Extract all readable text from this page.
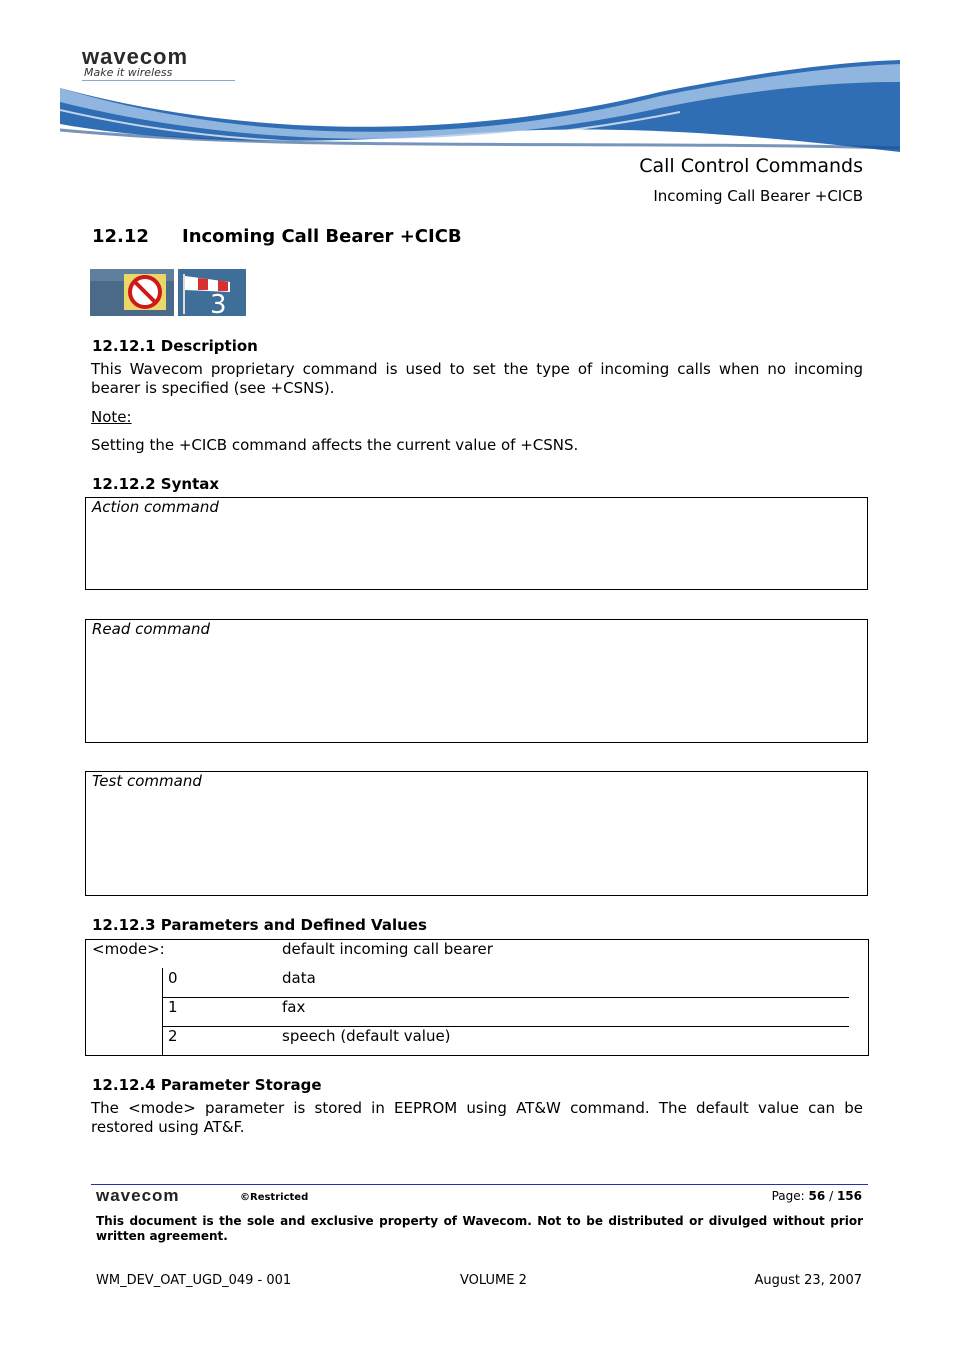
wavecom
Make it wireless
Call Control Commands
Incoming Call Bearer +CICB
12.12 Incoming Call Bearer +CICB
3
12.12.1 Description
This Wavecom proprietary command is used to set the type of incoming calls when no incoming bearer is specified (see +CSNS).
Note:
Setting the +CICB command affects the current value of +CSNS.
12.12.2 Syntax
Action command
Read command
Test command
12.12.3 Parameters and Defined Values
<mode>:	default incoming call bearer
0	data
1	fax
2	speech (default value)
12.12.4 Parameter Storage
The <mode> parameter is stored in EEPROM using AT&W command. The default value can be restored using AT&F.
wavecom	©Restricted	Page: 56 / 156
This document is the sole and exclusive property of Wavecom. Not to be distributed or divulged without prior written agreement.
WM_DEV_OAT_UGD_049 - 001	VOLUME 2	August 23, 2007
